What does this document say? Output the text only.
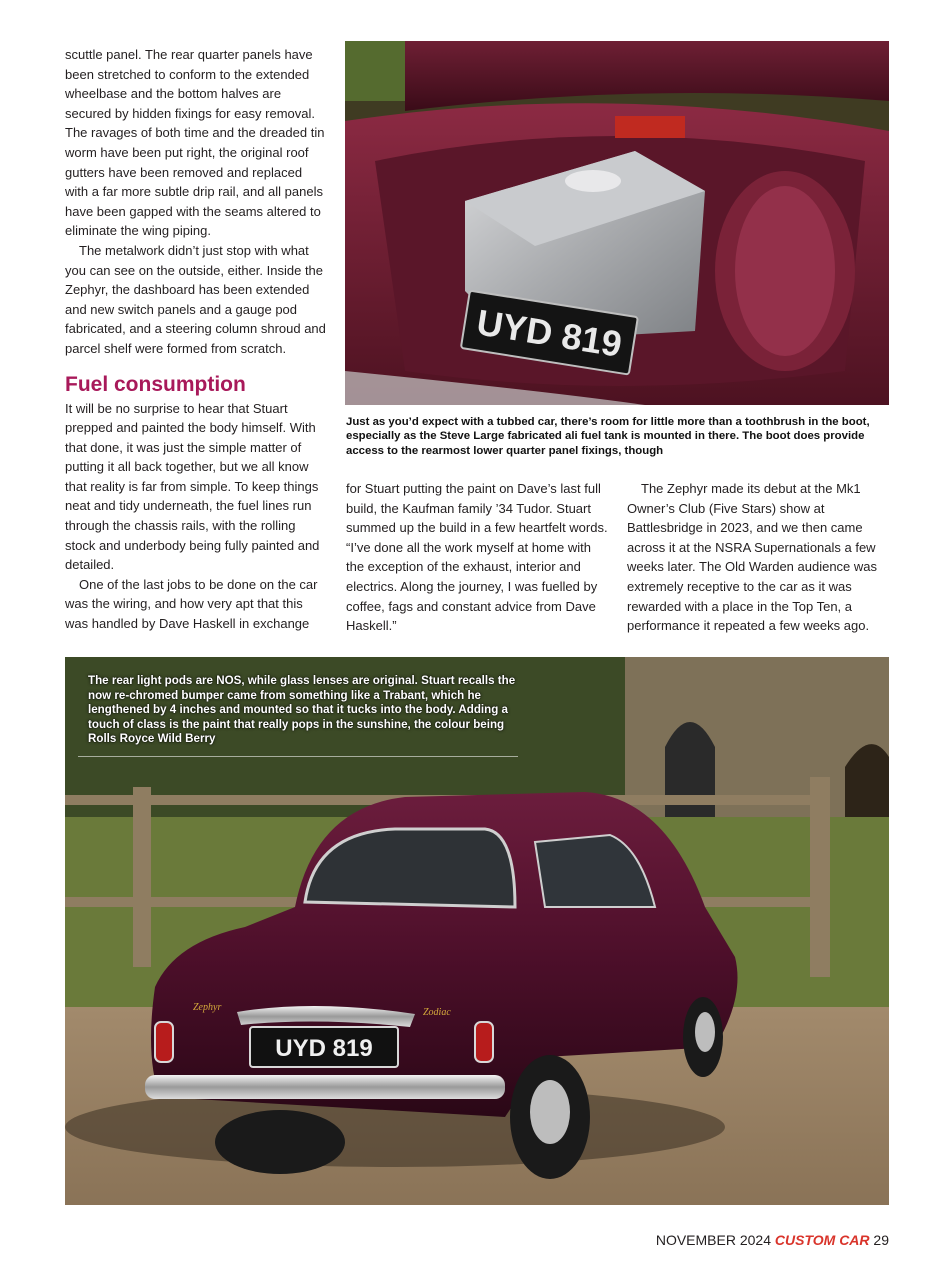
scuttle panel. The rear quarter panels have been stretched to conform to the extended wheelbase and the bottom halves are secured by hidden fixings for easy removal. The ravages of both time and the dreaded tin worm have been put right, the original roof gutters have been removed and replaced with a far more subtle drip rail, and all panels have been gapped with the seams altered to eliminate the wing piping.

The metalwork didn’t just stop with what you can see on the outside, either. Inside the Zephyr, the dashboard has been extended and new switch panels and a gauge pod fabricated, and a steering column shroud and parcel shelf were formed from scratch.

Fuel consumption

It will be no surprise to hear that Stuart prepped and painted the body himself. With that done, it was just the simple matter of putting it all back together, but we all know that reality is far from simple. To keep things neat and tidy underneath, the fuel lines run through the chassis rails, with the rolling stock and underbody being fully painted and detailed.

One of the last jobs to be done on the car was the wiring, and how very apt that this was handled by Dave Haskell in exchange

UYD 819
Just as you’d expect with a tubbed car, there’s room for little more than a toothbrush in the boot, especially as the Steve Large fabricated ali fuel tank is mounted in there. The boot does provide access to the rearmost lower quarter panel fixings, though

for Stuart putting the paint on Dave’s last full build, the Kaufman family ’34 Tudor. Stuart summed up the build in a few heartfelt words. “I’ve done all the work myself at home with the exception of the exhaust, interior and electrics. Along the journey, I was fuelled by coffee, fags and constant advice from Dave Haskell.”

The Zephyr made its debut at the Mk1 Owner’s Club (Five Stars) show at Battlesbridge in 2023, and we then came across it at the NSRA Supernationals a few weeks later. The Old Warden audience was extremely receptive to the car as it was rewarded with a place in the Top Ten, a performance it repeated a few weeks ago.

UYD 819
Zephyr	Zodiac
The rear light pods are NOS, while glass lenses are original. Stuart recalls the now re-chromed bumper came from something like a Trabant, which he lengthened by 4 inches and mounted so that it tucks into the body. Adding a touch of class is the paint that really pops in the sunshine, the colour being Rolls Royce Wild Berry
NOVEMBER 2024 CUSTOM CAR 29
